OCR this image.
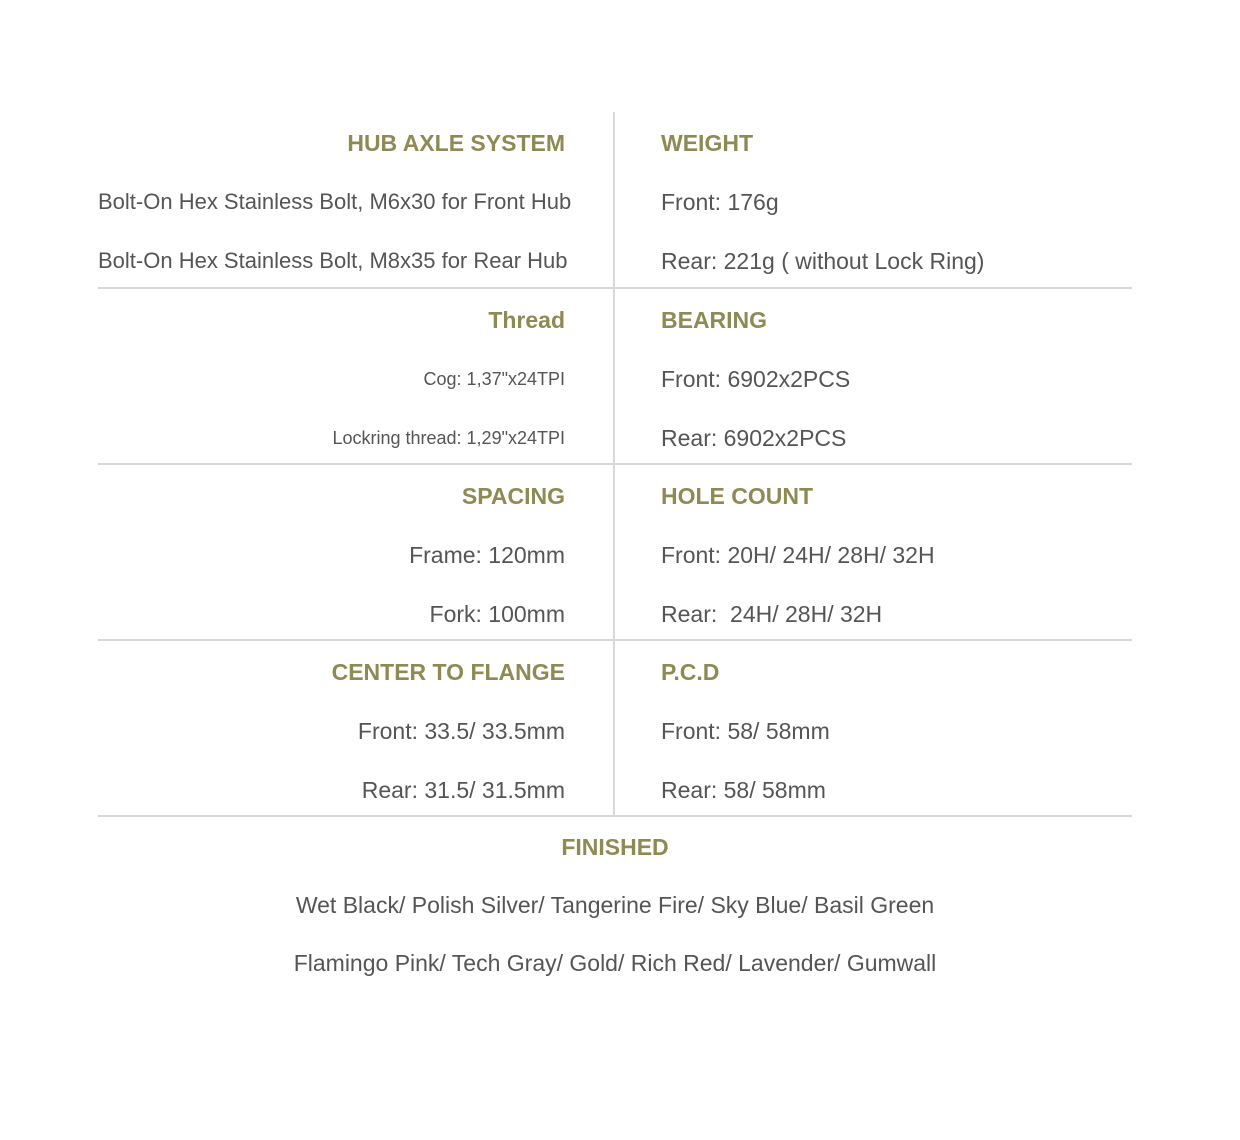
HUB AXLE SYSTEM
Bolt-On Hex Stainless Bolt, M6x30 for Front Hub
Bolt-On Hex Stainless Bolt, M8x35 for Rear Hub
WEIGHT
Front: 176g
Rear: 221g ( without Lock Ring)
Thread
Cog: 1,37"x24TPI
Lockring thread: 1,29"x24TPI
BEARING
Front: 6902x2PCS
Rear: 6902x2PCS
SPACING
Frame: 120mm
Fork: 100mm
HOLE COUNT
Front: 20H/ 24H/ 28H/ 32H
Rear:  24H/ 28H/ 32H
CENTER TO FLANGE
Front: 33.5/ 33.5mm
Rear: 31.5/ 31.5mm
P.C.D
Front: 58/ 58mm
Rear: 58/ 58mm
FINISHED
Wet Black/ Polish Silver/ Tangerine Fire/ Sky Blue/ Basil Green
Flamingo Pink/ Tech Gray/ Gold/ Rich Red/ Lavender/ Gumwall
